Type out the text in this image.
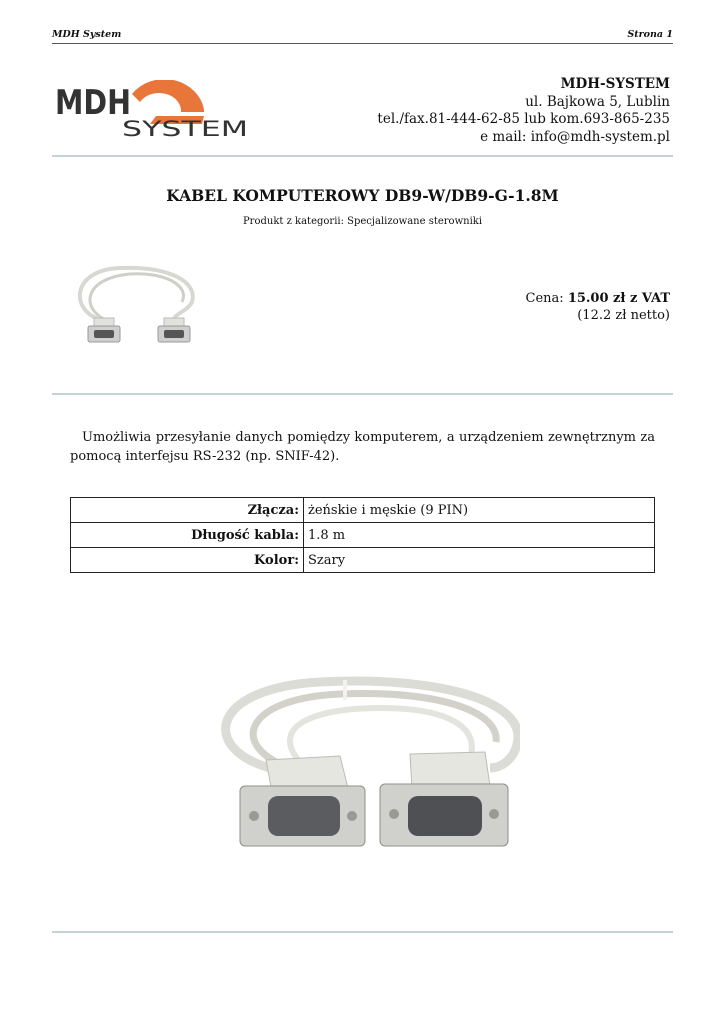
MDH System	Strona 1
MDH
SYSTEM
MDH-SYSTEM
ul. Bajkowa 5, Lublin
tel./fax.81-444-62-85 lub kom.693-865-235
e mail: info@mdh-system.pl
KABEL KOMPUTEROWY DB9-W/DB9-G-1.8M
Produkt z kategorii: Specjalizowane sterowniki
Cena: 15.00 zł z VAT
(12.2 zł netto)
Umożliwia przesyłanie danych pomiędzy komputerem, a urządzeniem zewnętrznym za pomocą interfejsu RS-232 (np. SNIF-42).
Złącza:	żeńskie i męskie (9 PIN)
Długość kabla:	1.8 m
Kolor:	Szary
